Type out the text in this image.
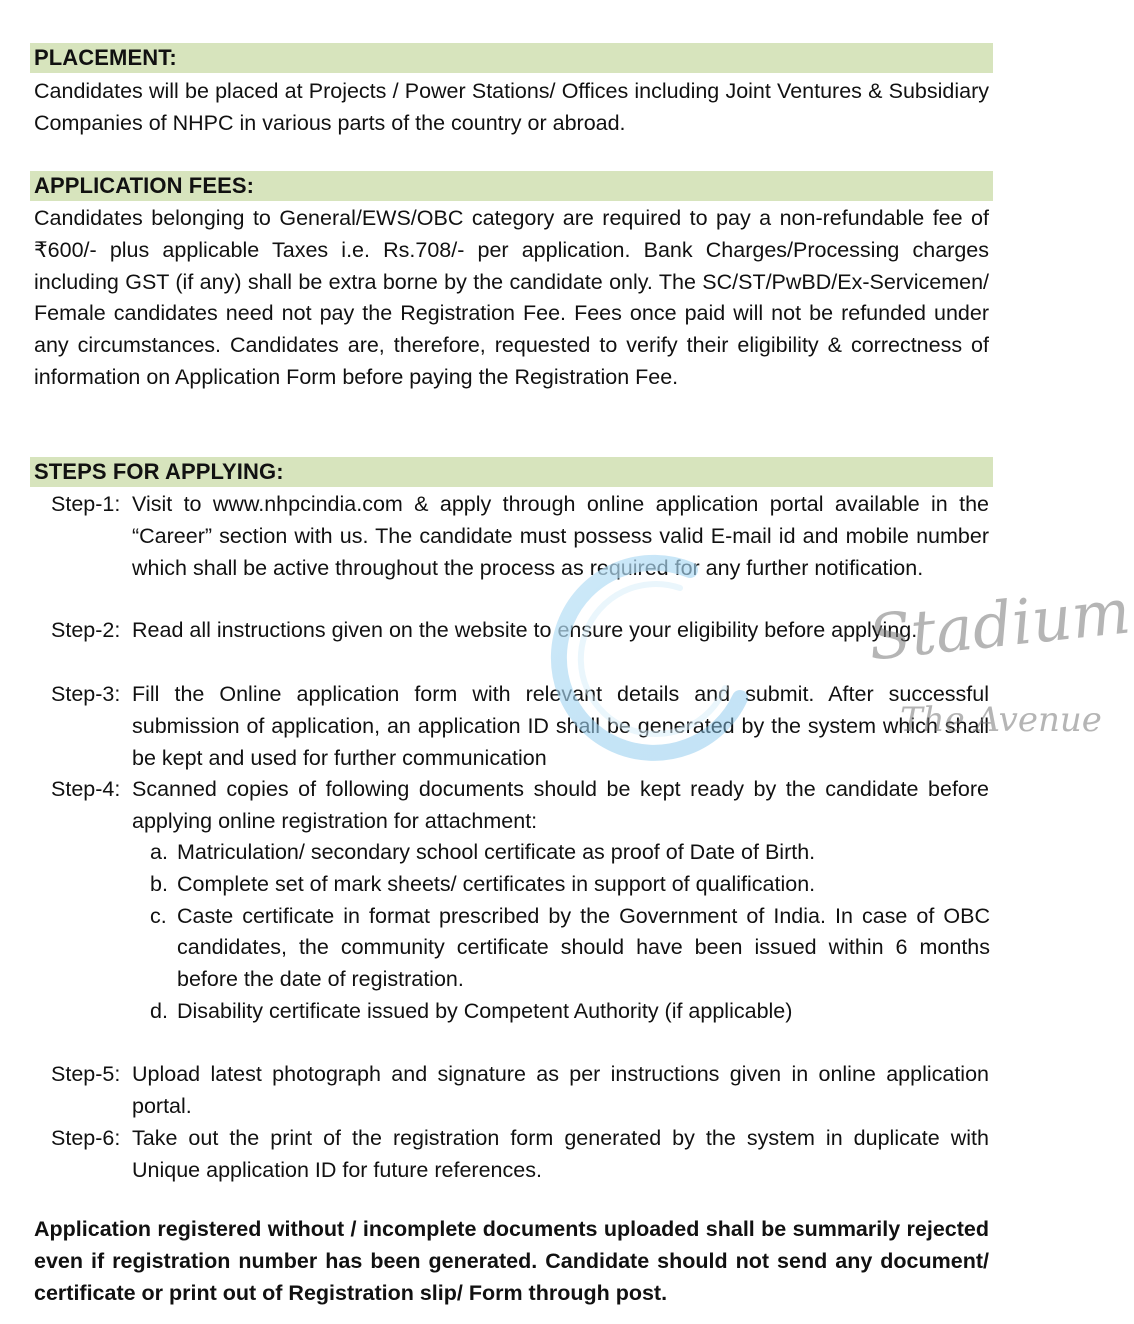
PLACEMENT:

Candidates will be placed at Projects / Power Stations/ Offices including Joint Ventures & Subsidiary Companies of NHPC in various parts of the country or abroad.

APPLICATION FEES:

Candidates belonging to General/EWS/OBC category are required to pay a non-refundable fee of ₹600/- plus applicable Taxes i.e. Rs.708/- per application. Bank Charges/Processing charges including GST (if any) shall be extra borne by the candidate only. The SC/ST/PwBD/Ex-Servicemen/ Female candidates need not pay the Registration Fee. Fees once paid will not be refunded under any circumstances. Candidates are, therefore, requested to verify their eligibility & correctness of information on Application Form before paying the Registration Fee.

STEPS FOR APPLYING:
Step-1: Visit to www.nhpcindia.com & apply through online application portal available in the “Career” section with us. The candidate must possess valid E-mail id and mobile number which shall be active throughout the process as required for any further notification.
Step-2: Read all instructions given on the website to ensure your eligibility before applying.
Step-3: Fill the Online application form with relevant details and submit. After successful submission of application, an application ID shall be generated by the system which shall be kept and used for further communication
Step-4: Scanned copies of following documents should be kept ready by the candidate before applying online registration for attachment:
a. Matriculation/ secondary school certificate as proof of Date of Birth.
b. Complete set of mark sheets/ certificates in support of qualification.
c. Caste certificate in format prescribed by the Government of India. In case of OBC candidates, the community certificate should have been issued within 6 months before the date of registration.
d. Disability certificate issued by Competent Authority (if applicable)
Step-5: Upload latest photograph and signature as per instructions given in online application portal.
Step-6: Take out the print of the registration form generated by the system in duplicate with Unique application ID for future references.

Application registered without / incomplete documents uploaded shall be summarily rejected even if registration number has been generated. Candidate should not send any document/ certificate or print out of Registration slip/ Form through post.

Stadium
The Avenue
